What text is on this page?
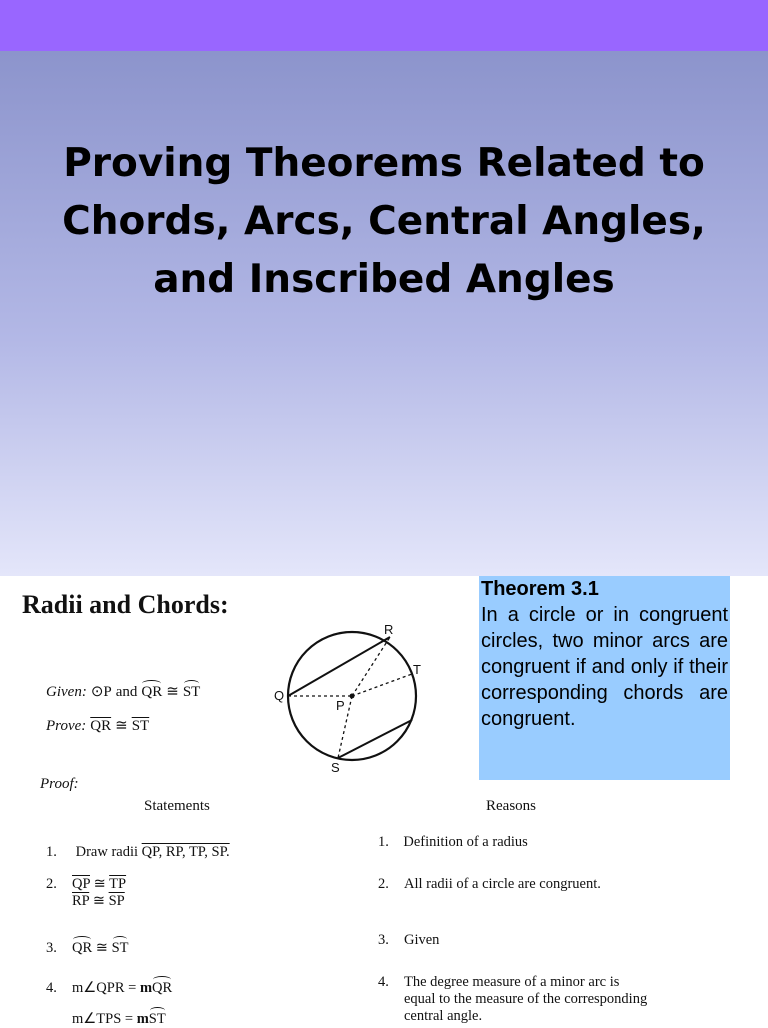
Proving Theorems Related to Chords, Arcs, Central Angles, and Inscribed Angles
Radii and Chords:
Theorem 3.1
In a circle or in congruent circles, two minor arcs are congruent if and only if their corresponding chords are congruent.
Given: ⊙P and QR ≅ ST
Prove: $\overline{QR}$ ≅ $\overline{ST}$
R
T
Q
P
S
Proof:
Statements	Reasons
1. Draw radii QP, RP, TP, SP.
1. Definition of a radius
2. $\overline{QP}$ ≅ $\overline{TP}$
$\overline{RP}$ ≅ $\overline{SP}$
2. All radii of a circle are congruent.
3. QR ≅ ST	3. Given
4. m∠QPR = mQR
m∠TPS = mST
4.	The degree measure of a minor arc is equal to the measure of the corresponding central angle.
